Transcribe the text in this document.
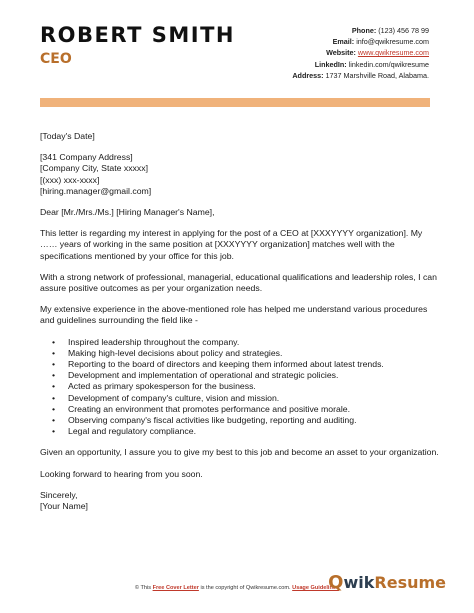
ROBERT SMITH
CEO
Phone: (123) 456 78 99
Email: info@qwikresume.com
Website: www.qwikresume.com
LinkedIn: linkedin.com/qwikresume
Address: 1737 Marshville Road, Alabama.

[Today's Date]

[341 Company Address]

[Company City, State xxxxx]

[(xxx) xxx-xxxx]

[hiring.manager@gmail.com]

Dear [Mr./Mrs./Ms.] [Hiring Manager's Name],

This letter is regarding my interest in applying for the post of a CEO at [XXXYYYY organization]. My …… years of working in the same position at [XXXYYYY organization] matches well with the specifications mentioned by your office for this job.

With a strong network of professional, managerial, educational qualifications and leadership roles, I can assure positive outcomes as per your organization needs.

My extensive experience in the above-mentioned role has helped me understand various procedures and guidelines surrounding the field like -

• Inspired leadership throughout the company.
• Making high-level decisions about policy and strategies.
• Reporting to the board of directors and keeping them informed about latest trends.
• Development and implementation of operational and strategic policies.
• Acted as primary spokesperson for the business.
• Development of company's culture, vision and mission.
• Creating an environment that promotes performance and positive morale.
• Observing company's fiscal activities like budgeting, reporting and auditing.
• Legal and regulatory compliance.

Given an opportunity, I assure you to give my best to this job and become an asset to your organization.

Looking forward to hearing from you soon.

Sincerely,

[Your Name]

© This Free Cover Letter is the copyright of Qwikresume.com. Usage Guidelines
QwikResume
